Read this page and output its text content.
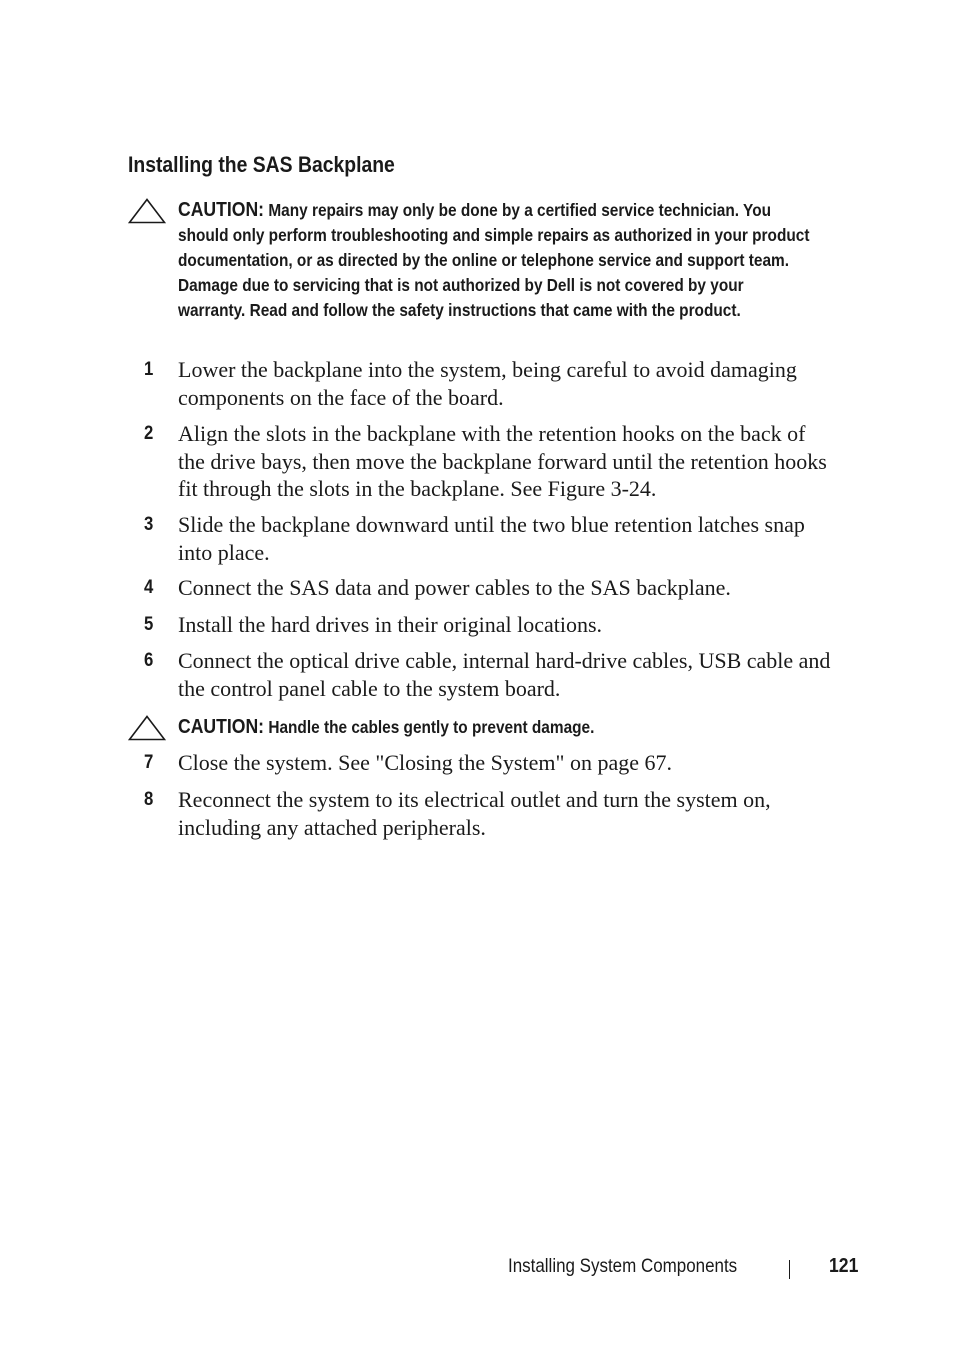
Installing the SAS Backplane
CAUTION: Many repairs may only be done by a certified service technician. You should only perform troubleshooting and simple repairs as authorized in your product documentation, or as directed by the online or telephone service and support team. Damage due to servicing that is not authorized by Dell is not covered by your warranty. Read and follow the safety instructions that came with the product.
1 Lower the backplane into the system, being careful to avoid damaging
components on the face of the board.
2 Align the slots in the backplane with the retention hooks on the back of
the drive bays, then move the backplane forward until the retention hooks
fit through the slots in the backplane. See Figure 3-24.
3 Slide the backplane downward until the two blue retention latches snap
into place.
4 Connect the SAS data and power cables to the SAS backplane.
5 Install the hard drives in their original locations.
6 Connect the optical drive cable, internal hard-drive cables, USB cable and
the control panel cable to the system board.
CAUTION: Handle the cables gently to prevent damage.
7 Close the system. See "Closing the System" on page 67.
8 Reconnect the system to its electrical outlet and turn the system on,
including any attached peripherals.
Installing System Components	121
